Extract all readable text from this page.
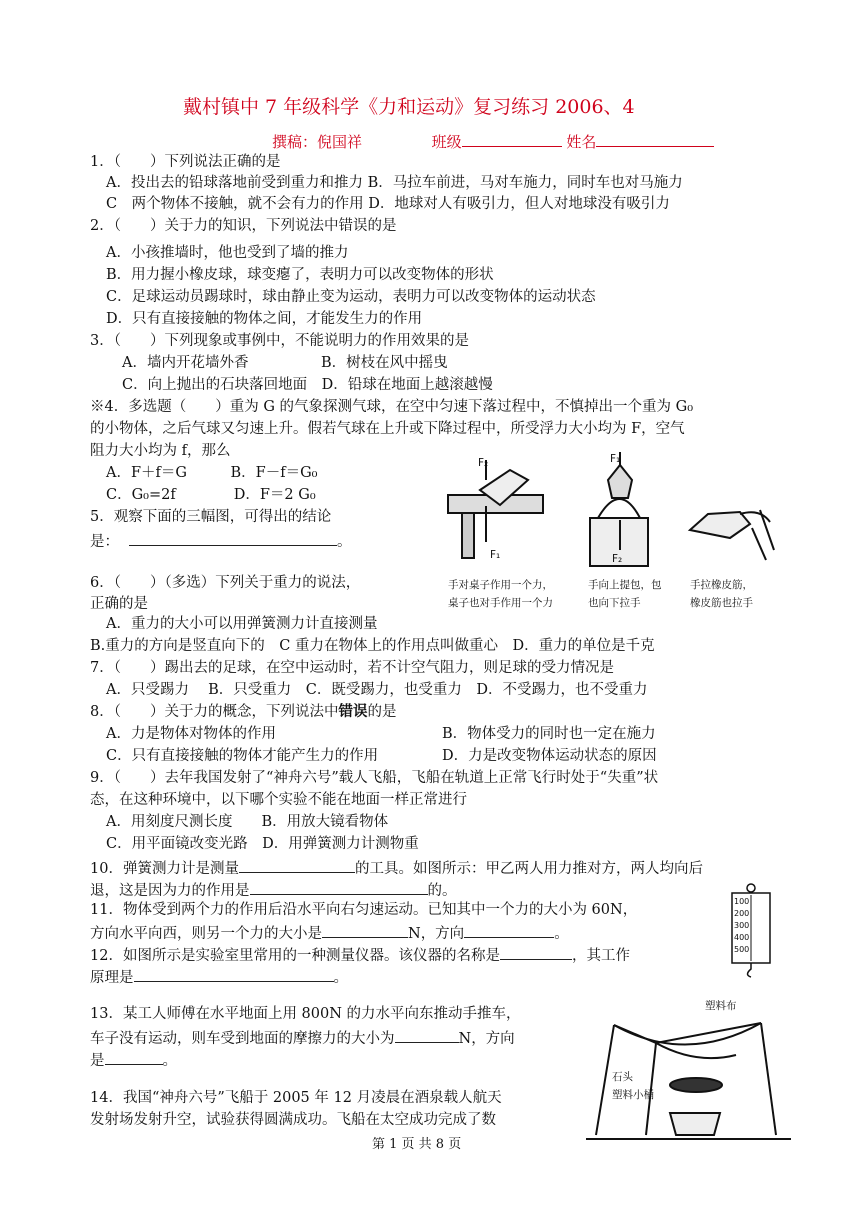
戴村镇中 7 年级科学《力和运动》复习练习 2006、4
撰稿：倪国祥	班级	姓名
1．（　　）下列说法正确的是
A．投出去的铅球落地前受到重力和推力 B．马拉车前进，马对车施力，同时车也对马施力
C　两个物体不接触，就不会有力的作用 D．地球对人有吸引力，但人对地球没有吸引力
2．（　　）关于力的知识，下列说法中错误的是
A．小孩推墙时，他也受到了墙的推力
B．用力握小橡皮球，球变瘪了，表明力可以改变物体的形状
C．足球运动员踢球时，球由静止变为运动，表明力可以改变物体的运动状态
D．只有直接接触的物体之间，才能发生力的作用
3．（　　）下列现象或事例中，不能说明力的作用效果的是
A．墙内开花墙外香　　　　　B．树枝在风中摇曳
C．向上抛出的石块落回地面　D．铅球在地面上越滚越慢
※4．多选题（　　）重为 G 的气象探测气球，在空中匀速下落过程中，不慎掉出一个重为 G₀
的小物体，之后气球又匀速上升。假若气球在上升或下降过程中，所受浮力大小均为 F，空气
阻力大小均为 f，那么
A．F＋f＝G　　　B．F－f＝G₀
C．G₀=2f　　　　D．F＝2 G₀
5．观察下面的三幅图，可得出的结论
是：	。
6．（　　）（多选）下列关于重力的说法，
正确的是
A．重力的大小可以用弹簧测力计直接测量
B.重力的方向是竖直向下的　C 重力在物体上的作用点叫做重心　D．重力的单位是千克
7．（　　）踢出去的足球，在空中运动时，若不计空气阻力，则足球的受力情况是
A．只受踢力　 B．只受重力　C．既受踢力，也受重力　D．不受踢力，也不受重力
8．（　　）关于力的概念，下列说法中错误的是
A．力是物体对物体的作用	B．物体受力的同时也一定在施力
C．只有直接接触的物体才能产生力的作用	D．力是改变物体运动状态的原因
9．（　　）去年我国发射了“神舟六号”载人飞船，飞船在轨道上正常飞行时处于“失重”状
态，在这种环境中，以下哪个实验不能在地面一样正常进行
A．用刻度尺测长度　　B．用放大镜看物体
C．用平面镜改变光路　D．用弹簧测力计测物重
10．弹簧测力计是测量	的工具。如图所示：甲乙两人用力推对方，两人均向后
退，这是因为力的作用是	的。
11．物体受到两个力的作用后沿水平向右匀速运动。已知其中一个力的大小为 60N，
方向水平向西，则另一个力的大小是	N，方向	。
12．如图所示是实验室里常用的一种测量仪器。该仪器的名称是	，其工作
原理是	。
13．某工人师傅在水平地面上用 800N 的力水平向东推动手推车，
车子没有运动，则车受到地面的摩擦力的大小为	N，方向
是	。
14．我国“神舟六号”飞船于 2005 年 12 月凌晨在酒泉载人航天
发射场发射升空，试验获得圆满成功。飞船在太空成功完成了数
F₂
F₁
F₁
F₂
手对桌子作用一个力，
桌子也对手作用一个力
手向上提包，包
也向下拉手
手拉橡皮筋，
橡皮筋也拉手
100
200
300
400
500
塑料布
石头
塑料小桶
第 1 页 共 8 页
